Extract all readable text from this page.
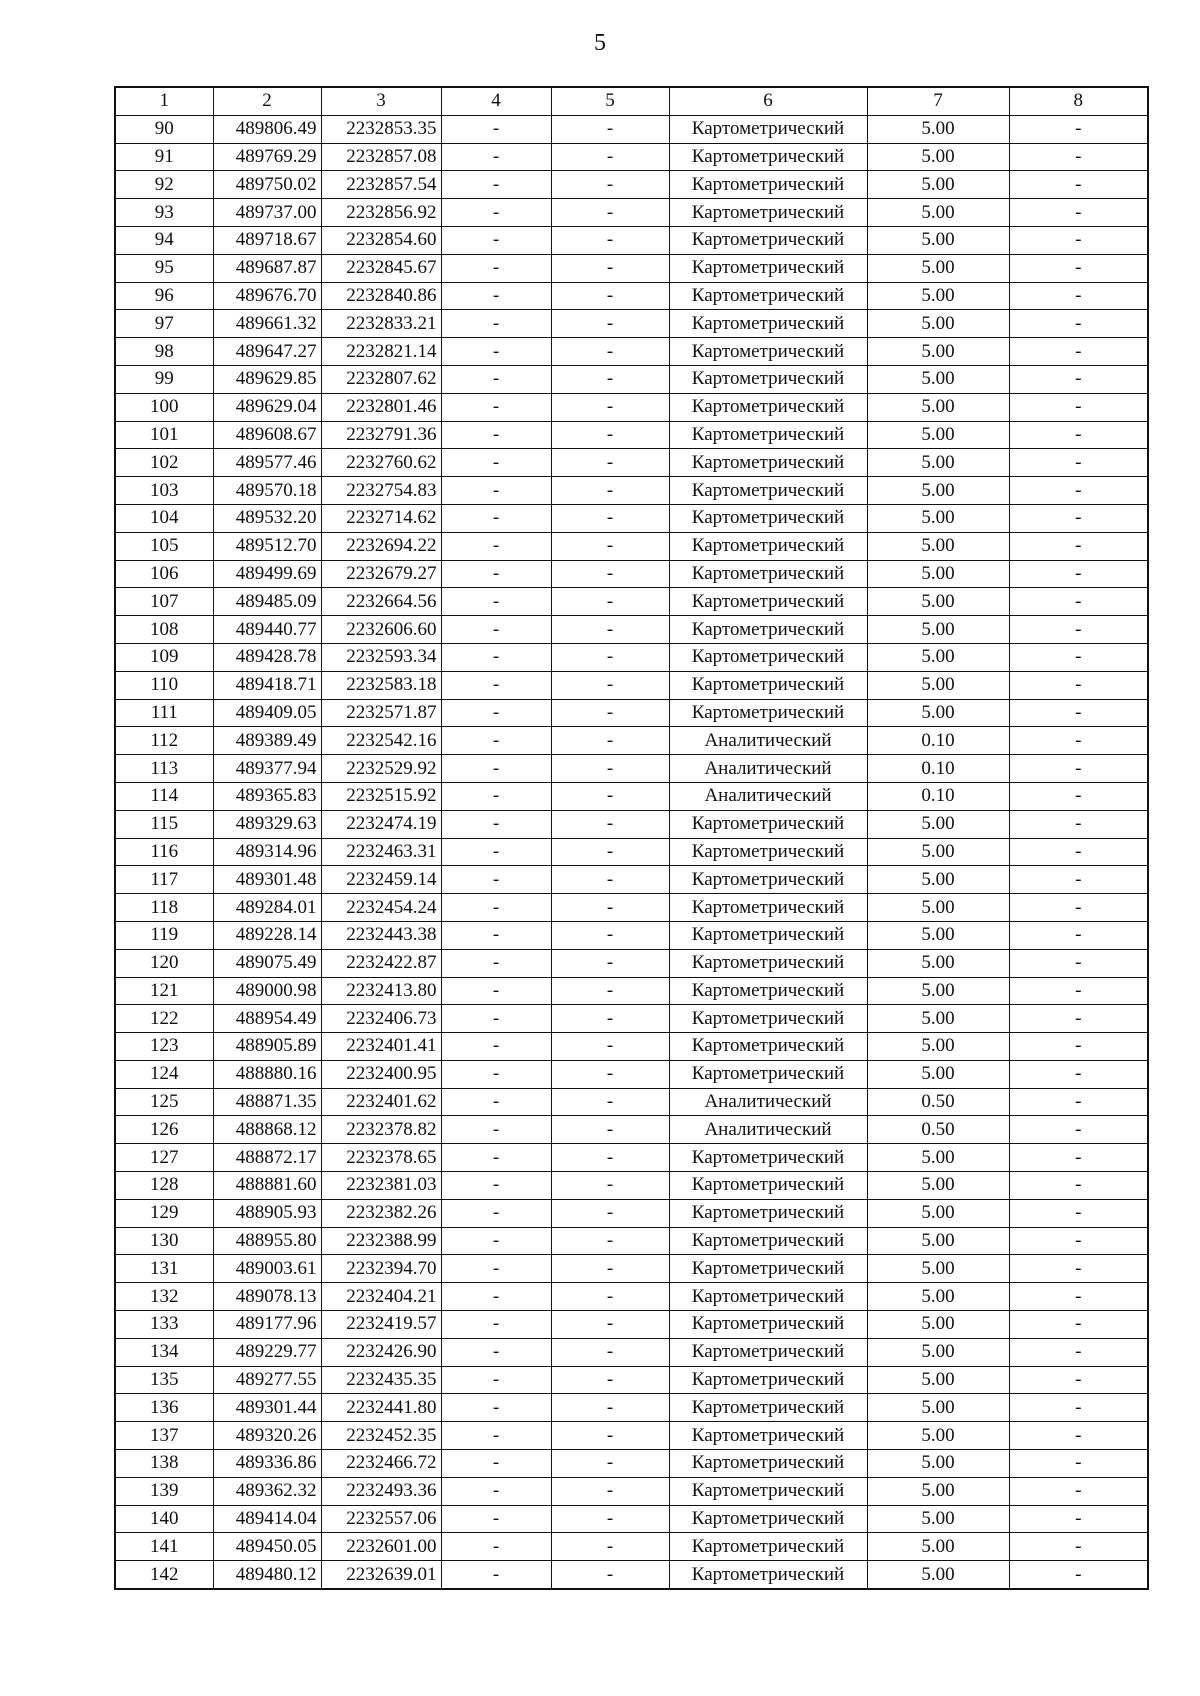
5
1	2	3	4	5	6	7	8
90	489806.49	2232853.35	-	-	Картометрический	5.00	-
91	489769.29	2232857.08	-	-	Картометрический	5.00	-
92	489750.02	2232857.54	-	-	Картометрический	5.00	-
93	489737.00	2232856.92	-	-	Картометрический	5.00	-
94	489718.67	2232854.60	-	-	Картометрический	5.00	-
95	489687.87	2232845.67	-	-	Картометрический	5.00	-
96	489676.70	2232840.86	-	-	Картометрический	5.00	-
97	489661.32	2232833.21	-	-	Картометрический	5.00	-
98	489647.27	2232821.14	-	-	Картометрический	5.00	-
99	489629.85	2232807.62	-	-	Картометрический	5.00	-
100	489629.04	2232801.46	-	-	Картометрический	5.00	-
101	489608.67	2232791.36	-	-	Картометрический	5.00	-
102	489577.46	2232760.62	-	-	Картометрический	5.00	-
103	489570.18	2232754.83	-	-	Картометрический	5.00	-
104	489532.20	2232714.62	-	-	Картометрический	5.00	-
105	489512.70	2232694.22	-	-	Картометрический	5.00	-
106	489499.69	2232679.27	-	-	Картометрический	5.00	-
107	489485.09	2232664.56	-	-	Картометрический	5.00	-
108	489440.77	2232606.60	-	-	Картометрический	5.00	-
109	489428.78	2232593.34	-	-	Картометрический	5.00	-
110	489418.71	2232583.18	-	-	Картометрический	5.00	-
111	489409.05	2232571.87	-	-	Картометрический	5.00	-
112	489389.49	2232542.16	-	-	Аналитический	0.10	-
113	489377.94	2232529.92	-	-	Аналитический	0.10	-
114	489365.83	2232515.92	-	-	Аналитический	0.10	-
115	489329.63	2232474.19	-	-	Картометрический	5.00	-
116	489314.96	2232463.31	-	-	Картометрический	5.00	-
117	489301.48	2232459.14	-	-	Картометрический	5.00	-
118	489284.01	2232454.24	-	-	Картометрический	5.00	-
119	489228.14	2232443.38	-	-	Картометрический	5.00	-
120	489075.49	2232422.87	-	-	Картометрический	5.00	-
121	489000.98	2232413.80	-	-	Картометрический	5.00	-
122	488954.49	2232406.73	-	-	Картометрический	5.00	-
123	488905.89	2232401.41	-	-	Картометрический	5.00	-
124	488880.16	2232400.95	-	-	Картометрический	5.00	-
125	488871.35	2232401.62	-	-	Аналитический	0.50	-
126	488868.12	2232378.82	-	-	Аналитический	0.50	-
127	488872.17	2232378.65	-	-	Картометрический	5.00	-
128	488881.60	2232381.03	-	-	Картометрический	5.00	-
129	488905.93	2232382.26	-	-	Картометрический	5.00	-
130	488955.80	2232388.99	-	-	Картометрический	5.00	-
131	489003.61	2232394.70	-	-	Картометрический	5.00	-
132	489078.13	2232404.21	-	-	Картометрический	5.00	-
133	489177.96	2232419.57	-	-	Картометрический	5.00	-
134	489229.77	2232426.90	-	-	Картометрический	5.00	-
135	489277.55	2232435.35	-	-	Картометрический	5.00	-
136	489301.44	2232441.80	-	-	Картометрический	5.00	-
137	489320.26	2232452.35	-	-	Картометрический	5.00	-
138	489336.86	2232466.72	-	-	Картометрический	5.00	-
139	489362.32	2232493.36	-	-	Картометрический	5.00	-
140	489414.04	2232557.06	-	-	Картометрический	5.00	-
141	489450.05	2232601.00	-	-	Картометрический	5.00	-
142	489480.12	2232639.01	-	-	Картометрический	5.00	-
